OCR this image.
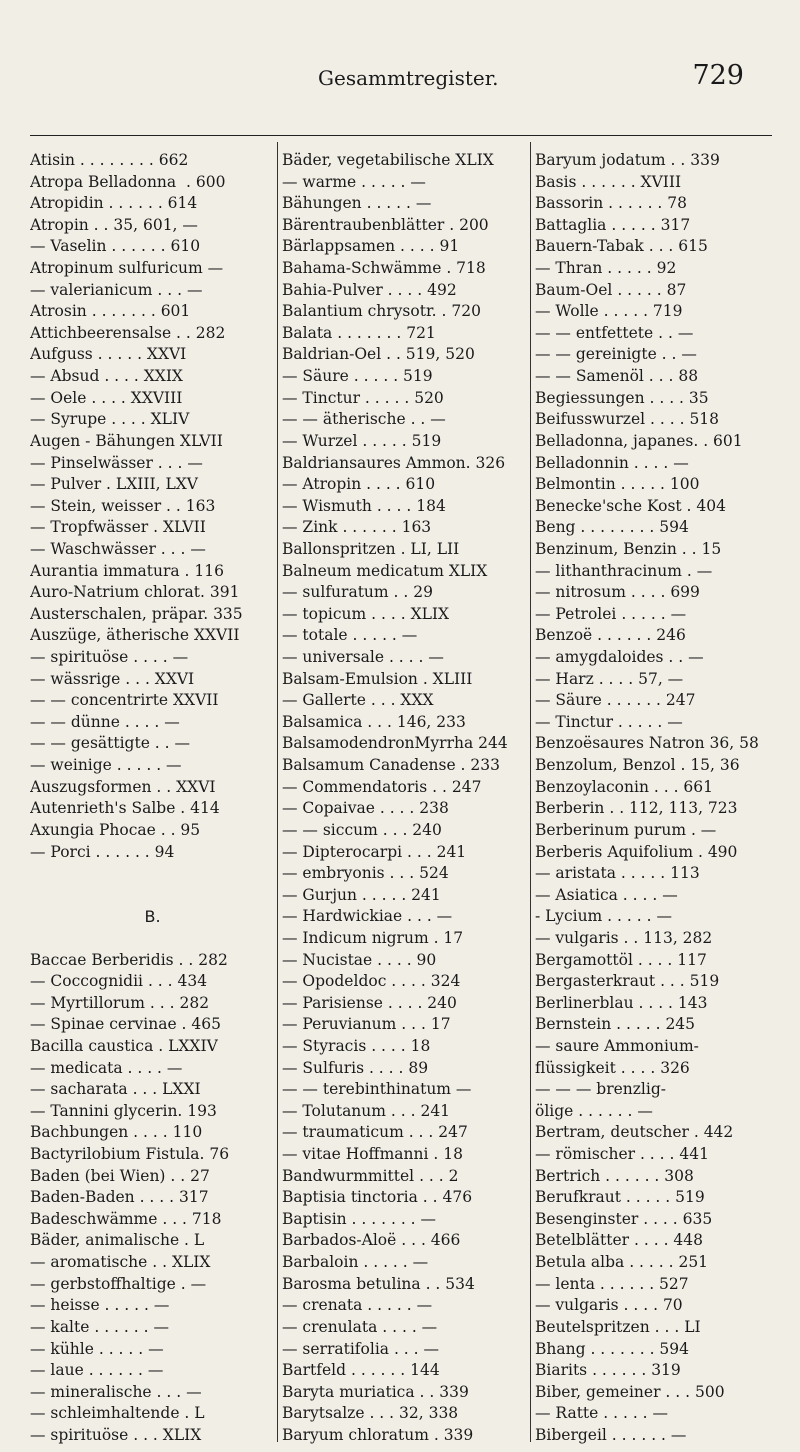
Gesammtregister.	729
Atisin . . . . . . . . 662
Atropa Belladonna  . 600
Atropidin . . . . . . 614
Atropin . . 35, 601, —
— Vaselin . . . . . . 610
Atropinum sulfuricum —
— valerianicum . . . —
Atrosin . . . . . . . 601
Attichbeerensalse . . 282
Aufguss . . . . . XXVI
— Absud . . . . XXIX
— Oele . . . . XXVIII
— Syrupe . . . . XLIV
Augen - Bähungen XLVII
— Pinselwässer . . . —
— Pulver . LXIII, LXV
— Stein, weisser . . 163
— Tropfwässer . XLVII
— Waschwässer . . . —
Aurantia immatura . 116
Auro-Natrium chlorat. 391
Austerschalen, präpar. 335
Auszüge, ätherische XXVII
— spirituöse . . . . —
— wässrige . . . XXVI
— — concentrirte XXVII
— — dünne . . . . —
— — gesättigte . . —
— weinige . . . . . —
Auszugsformen . . XXVI
Autenrieth's Salbe . 414
Axungia Phocae . . 95
— Porci . . . . . . 94
B.
Baccae Berberidis . . 282
— Coccognidii . . . 434
— Myrtillorum . . . 282
— Spinae cervinae . 465
Bacilla caustica . LXXIV
— medicata . . . . —
— sacharata . . . LXXI
— Tannini glycerin. 193
Bachbungen . . . . 110
Bactyrilobium Fistula. 76
Baden (bei Wien) . . 27
Baden-Baden . . . . 317
Badeschwämme . . . 718
Bäder, animalische . L
— aromatische . . XLIX
— gerbstoffhaltige . —
— heisse . . . . . —
— kalte . . . . . . —
— kühle . . . . . —
— laue . . . . . . —
— mineralische . . . —
— schleimhaltende . L
— spirituöse . . . XLIX
Bäder, vegetabilische XLIX
— warme . . . . . —
Bähungen . . . . . —
Bärentraubenblätter . 200
Bärlappsamen . . . . 91
Bahama-Schwämme . 718
Bahia-Pulver . . . . 492
Balantium chrysotr. . 720
Balata . . . . . . . 721
Baldrian-Oel . . 519, 520
— Säure . . . . . 519
— Tinctur . . . . . 520
— — ätherische . . —
— Wurzel . . . . . 519
Baldriansaures Ammon. 326
— Atropin . . . . 610
— Wismuth . . . . 184
— Zink . . . . . . 163
Ballonspritzen . LI, LII
Balneum medicatum XLIX
— sulfuratum . . 29
— topicum . . . . XLIX
— totale . . . . . —
— universale . . . . —
Balsam-Emulsion . XLIII
— Gallerte . . . XXX
Balsamica . . . 146, 233
BalsamodendronMyrrha 244
Balsamum Canadense . 233
— Commendatoris . . 247
— Copaivae . . . . 238
— — siccum . . . 240
— Dipterocarpi . . . 241
— embryonis . . . 524
— Gurjun . . . . . 241
— Hardwickiae . . . —
— Indicum nigrum . 17
— Nucistae . . . . 90
— Opodeldoc . . . . 324
— Parisiense . . . . 240
— Peruvianum . . . 17
— Styracis . . . . 18
— Sulfuris . . . . 89
— — terebinthinatum —
— Tolutanum . . . 241
— traumaticum . . . 247
— vitae Hoffmanni . 18
Bandwurmmittel . . . 2
Baptisia tinctoria . . 476
Baptisin . . . . . . . —
Barbados-Aloë . . . 466
Barbaloin . . . . . —
Barosma betulina . . 534
— crenata . . . . . —
— crenulata . . . . —
— serratifolia . . . —
Bartfeld . . . . . . 144
Baryta muriatica . . 339
Barytsalze . . . 32, 338
Baryum chloratum . 339
Baryum jodatum . . 339
Basis . . . . . . XVIII
Bassorin . . . . . . 78
Battaglia . . . . . 317
Bauern-Tabak . . . 615
— Thran . . . . . 92
Baum-Oel . . . . . 87
— Wolle . . . . . 719
— — entfettete . . —
— — gereinigte . . —
— — Samenöl . . . 88
Begiessungen . . . . 35
Beifusswurzel . . . . 518
Belladonna, japanes. . 601
Belladonnin . . . . —
Belmontin . . . . . 100
Benecke'sche Kost . 404
Beng . . . . . . . . 594
Benzinum, Benzin . . 15
— lithanthracinum . —
— nitrosum . . . . 699
— Petrolei . . . . . —
Benzoë . . . . . . 246
— amygdaloides . . —
— Harz . . . . 57, —
— Säure . . . . . . 247
— Tinctur . . . . . —
Benzoësaures Natron 36, 58
Benzolum, Benzol . 15, 36
Benzoylaconin . . . 661
Berberin . . 112, 113, 723
Berberinum purum . —
Berberis Aquifolium . 490
— aristata . . . . . 113
— Asiatica . . . . —
- Lycium . . . . . —
— vulgaris . . 113, 282
Bergamottöl . . . . 117
Bergasterkraut . . . 519
Berlinerblau . . . . 143
Bernstein . . . . . 245
— saure Ammonium-
flüssigkeit . . . . 326
— — — brenzlig-
ölige . . . . . . —
Bertram, deutscher . 442
— römischer . . . . 441
Bertrich . . . . . . 308
Berufkraut . . . . . 519
Besenginster . . . . 635
Betelblätter . . . . 448
Betula alba . . . . . 251
— lenta . . . . . . 527
— vulgaris . . . . 70
Beutelspritzen . . . LI
Bhang . . . . . . . 594
Biarits . . . . . . 319
Biber, gemeiner . . . 500
— Ratte . . . . . —
Bibergeil . . . . . . —
